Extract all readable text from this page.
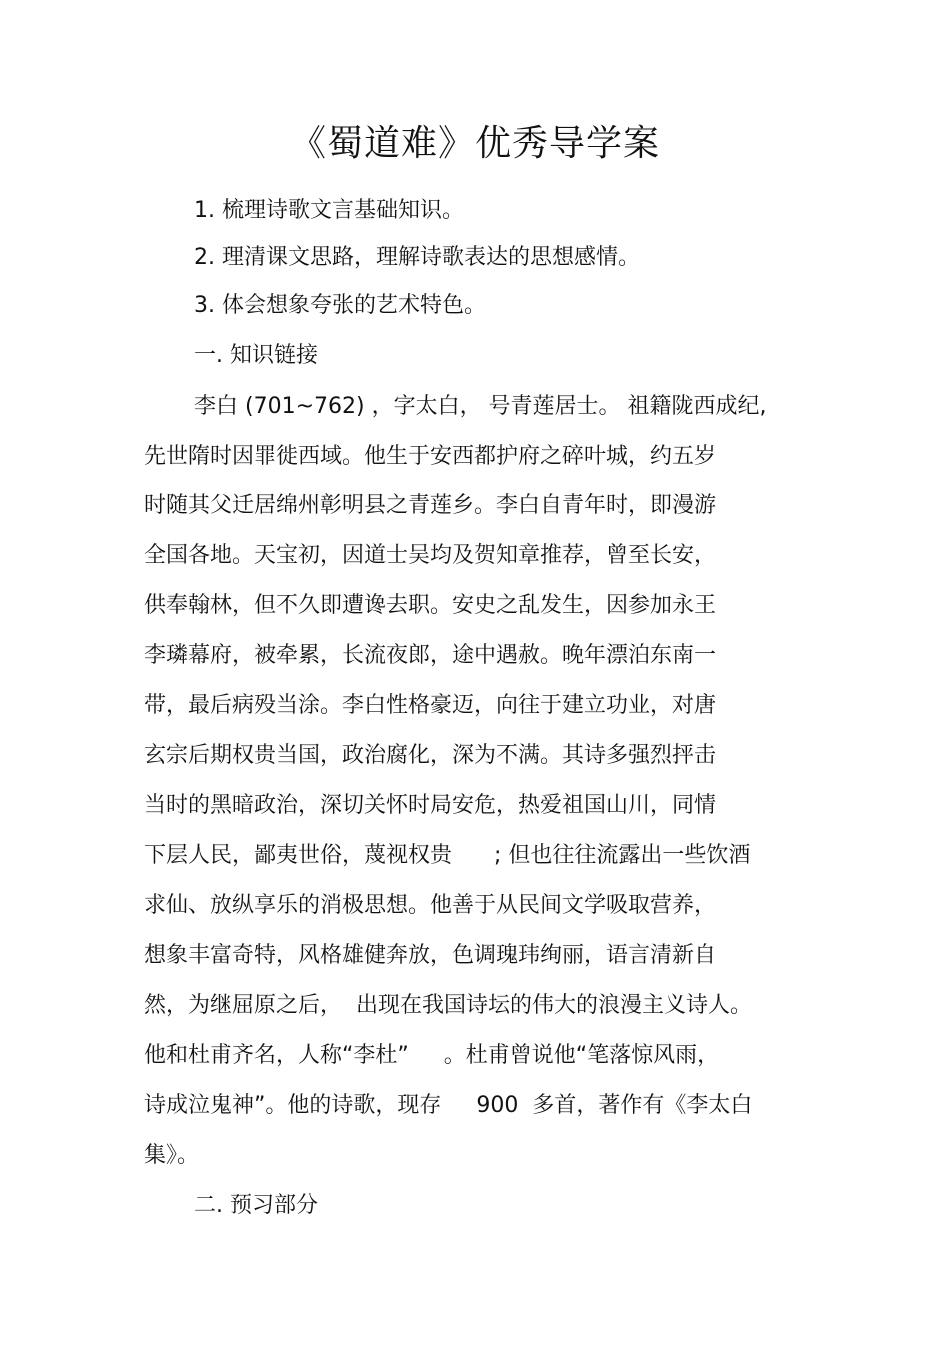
《蜀道难》优秀导学案
1. 梳理诗歌文言基础知识。
2. 理清课文思路，理解诗歌表达的思想感情。
3. 体会想象夸张的艺术特色。
一. 知识链接
李白 (701~762) ，字太白， 号青莲居士。 祖籍陇西成纪,
先世隋时因罪徙西域。他生于安西都护府之碎叶城，约五岁
时随其父迁居绵州彰明县之青莲乡。李白自青年时，即漫游
全国各地。天宝初，因道士吴均及贺知章推荐，曾至长安，
供奉翰林，但不久即遭谗去职。安史之乱发生，因参加永王
李璘幕府，被牵累，长流夜郎，途中遇赦。晚年漂泊东南一
带，最后病殁当涂。李白性格豪迈，向往于建立功业，对唐
玄宗后期权贵当国，政治腐化，深为不满。其诗多强烈抨击
当时的黑暗政治，深切关怀时局安危，热爱祖国山川，同情
下层人民，鄙夷世俗，蔑视权贵      ; 但也往往流露出一些饮酒
求仙、放纵享乐的消极思想。他善于从民间文学吸取营养，
想象丰富奇特，风格雄健奔放，色调瑰玮绚丽，语言清新自
然，为继屈原之后，  出现在我国诗坛的伟大的浪漫主义诗人。
他和杜甫齐名，人称“李杜”     。杜甫曾说他“笔落惊风雨，
诗成泣鬼神”。他的诗歌，现存     900  多首，著作有《李太白
集》。
二. 预习部分
